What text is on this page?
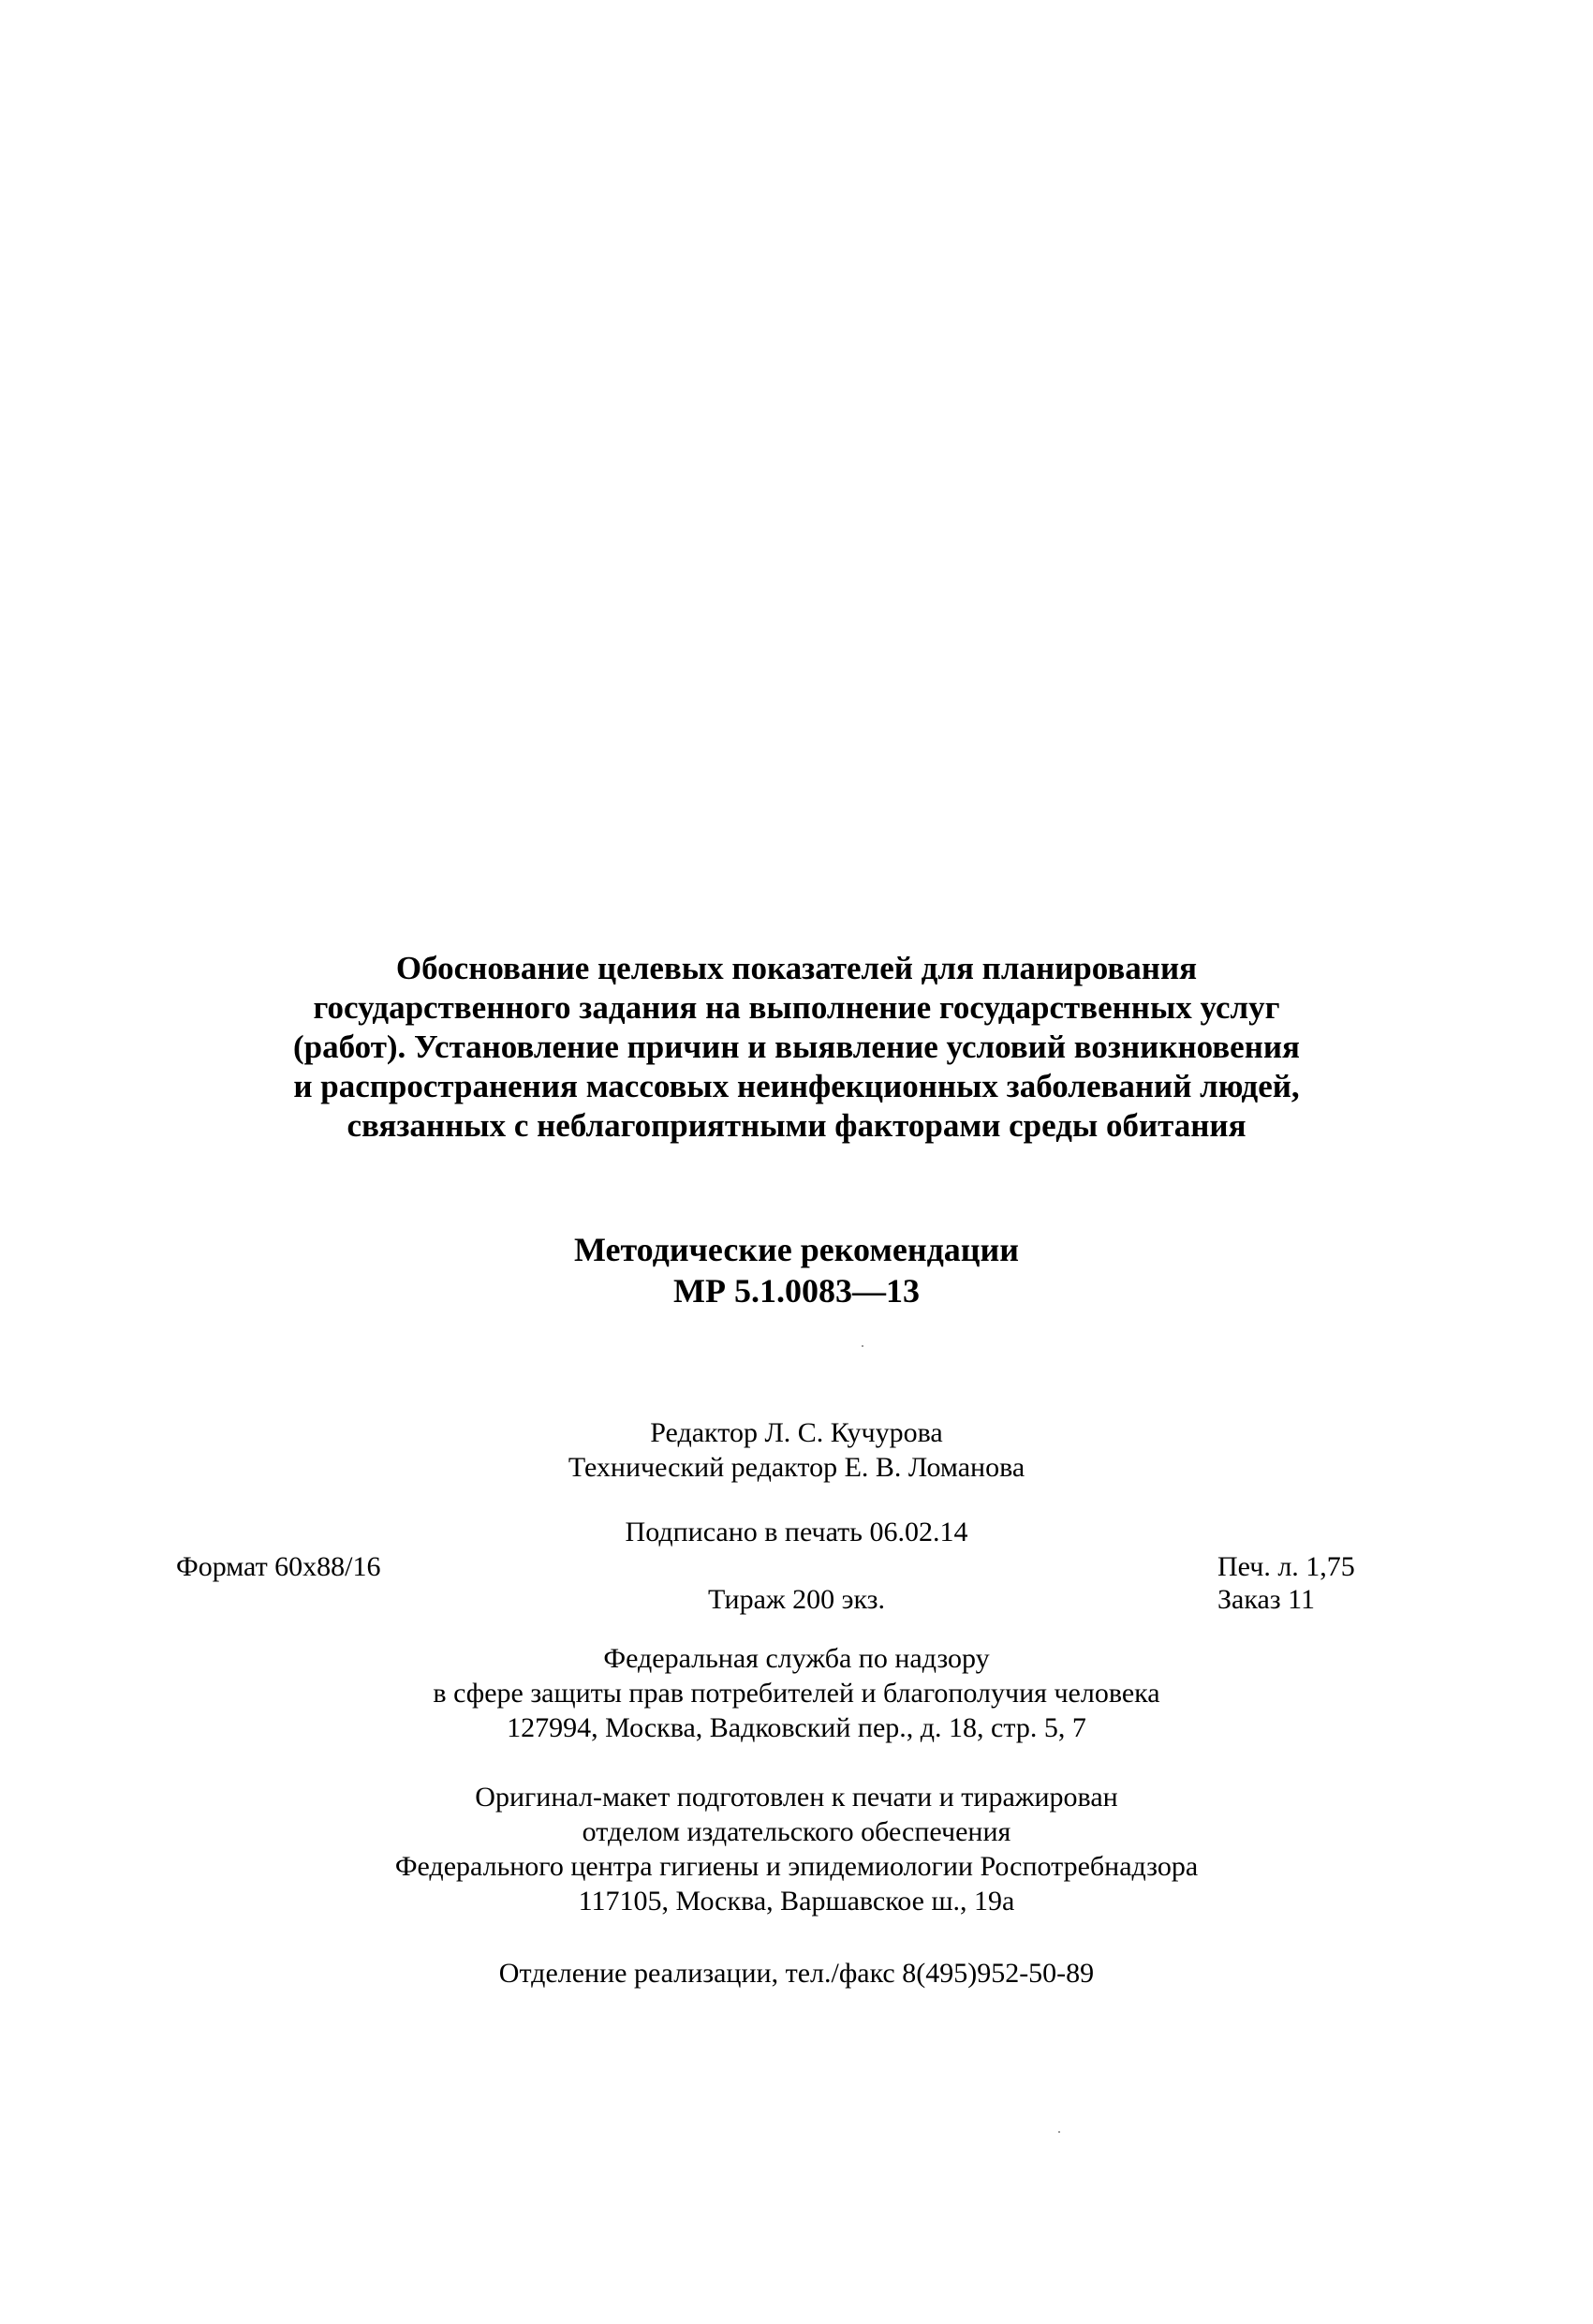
Обоснование целевых показателей для планирования
государственного задания на выполнение государственных услуг
(работ). Установление причин и выявление условий возникновения
и распространения массовых неинфекционных заболеваний людей,
связанных с неблагоприятными факторами среды обитания
Методические рекомендации
МР 5.1.0083—13
Редактор Л. С. Кучурова
Технический редактор Е. В. Ломанова
Подписано в печать 06.02.14
Формат 60х88/16	Печ. л. 1,75
Тираж 200 экз.	Заказ 11
Федеральная служба по надзору
в сфере защиты прав потребителей и благополучия человека
127994, Москва, Вадковский пер., д. 18, стр. 5, 7
Оригинал-макет подготовлен к печати и тиражирован
отделом издательского обеспечения
Федерального центра гигиены и эпидемиологии Роспотребнадзора
117105, Москва, Варшавское ш., 19а
Отделение реализации, тел./факс 8(495)952-50-89
